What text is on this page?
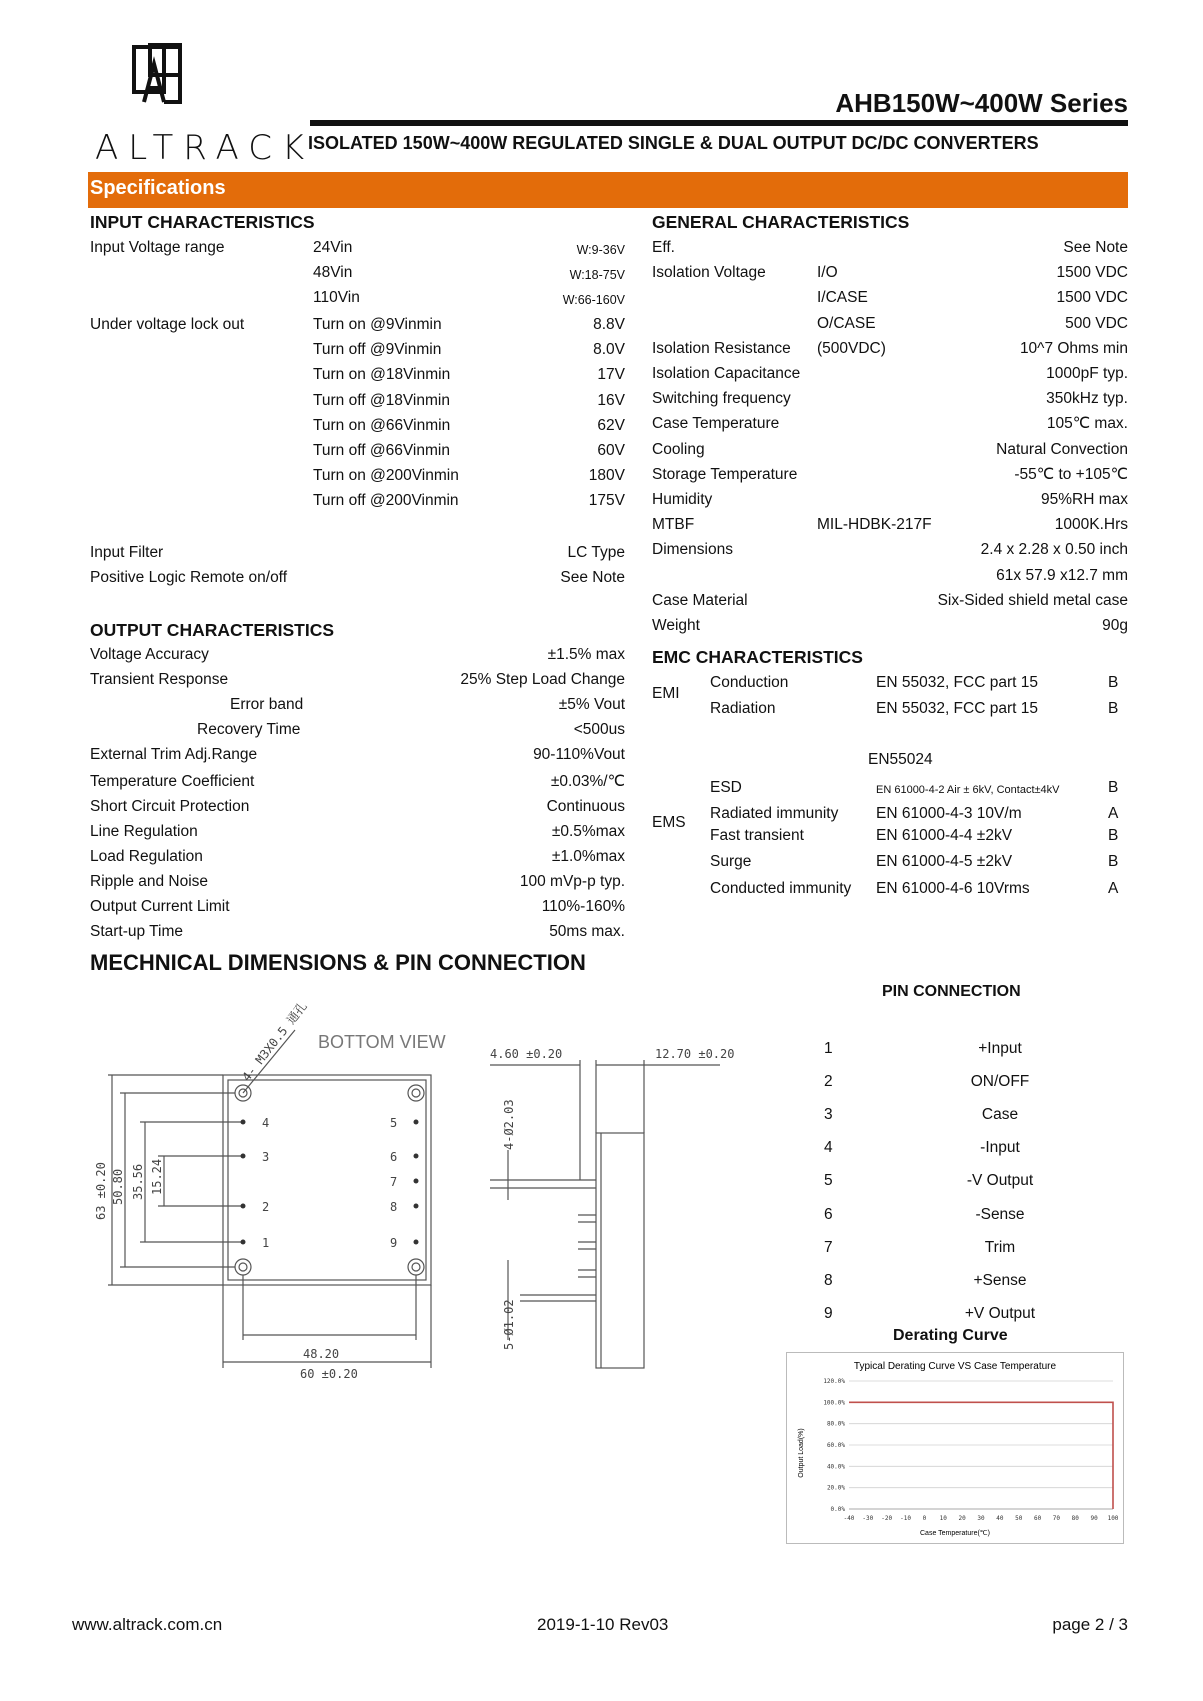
ALTRACK
AHB150W~400W Series
ISOLATED 150W~400W REGULATED SINGLE & DUAL OUTPUT DC/DC CONVERTERS
Specifications
INPUT CHARACTERISTICS
Input Voltage range	24Vin	W:9-36V
48Vin	W:18-75V
110Vin	W:66-160V
Under voltage lock out	Turn on @9Vinmin	8.8V
Turn off @9Vinmin	8.0V
Turn on @18Vinmin	17V
Turn off @18Vinmin	16V
Turn on @66Vinmin	62V
Turn off @66Vinmin	60V
Turn on @200Vinmin	180V
Turn off @200Vinmin	175V
Input Filter	LC Type
Positive Logic Remote on/off	See Note
OUTPUT CHARACTERISTICS
Voltage Accuracy	±1.5% max
Transient Response	25% Step Load Change
Error band	±5% Vout
Recovery Time	<500us
External Trim Adj.Range	90-110%Vout
Temperature Coefficient	±0.03%/℃
Short Circuit Protection	Continuous
Line Regulation	±0.5%max
Load Regulation	±1.0%max
Ripple and Noise	100 mVp-p typ.
Output Current Limit	110%-160%
Start-up Time	50ms max.
GENERAL CHARACTERISTICS
Eff.	See Note
Isolation Voltage	I/O	1500 VDC
I/CASE	1500 VDC
O/CASE	500 VDC
Isolation Resistance (500VDC)	10^7 Ohms min
Isolation Capacitance	1000pF typ.
Switching frequency	350kHz typ.
Case Temperature	105℃ max.
Cooling	Natural Convection
Storage Temperature	-55℃ to +105℃
Humidity	95%RH max
MTBF	MIL-HDBK-217F	1000K.Hrs
Dimensions	2.4 x 2.28 x 0.50 inch
61x 57.9 x12.7 mm
Case Material	Six-Sided shield metal case
Weight	90g
EMC CHARACTERISTICS
EMI
Conduction	EN 55032, FCC part 15	B
Radiation	EN 55032, FCC part 15	B
EN55024
EMS
ESD	EN 61000-4-2 Air ± 6kV, Contact±4kV	B
Radiated immunity EN 61000-4-3 10V/m	A
Fast transient	EN 61000-4-4 ±2kV	B
Surge	EN 61000-4-5 ±2kV	B
Conducted immunity EN 61000-4-6 10Vrms	A
MECHNICAL DIMENSIONS & PIN CONNECTION
4
3
2
1
5
6
7
8
9
48.20
60 ±0.20
4.60 ±0.20	12.70 ±0.20
63 ±0.20 50.80 35.56 15.24
4-Ø2.03
5-Ø1.02
4- M3X0.5 通孔 BOTTOM VIEW
PIN CONNECTION
1	+Input
2	ON/OFF
3	Case
4	-Input
5	-V Output
6	-Sense
7	Trim
8	+Sense
9	+V Output
Derating Curve
Typical Derating Curve VS Case Temperature
Case Temperature(℃)
Output Load(%)
0.0%
20.0%
40.0%
60.0%
80.0%
100.0%
120.0%
-40 -30 -20 -10 0 10 20 30 40 50 60 70 80 90 100
www.altrack.com.cn	2019-1-10 Rev03	page 2 / 3
